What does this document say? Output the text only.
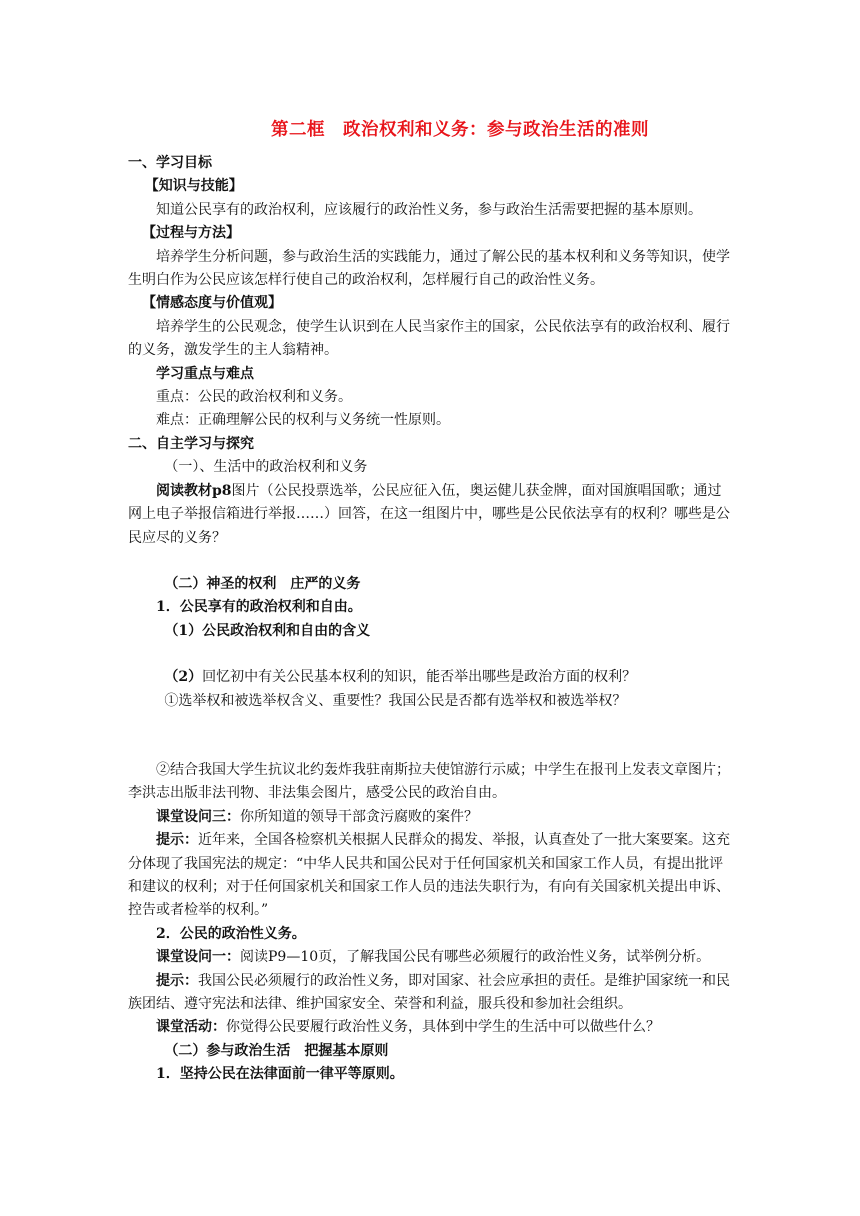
第二框　政治权利和义务：参与政治生活的准则

一、学习目标

【知识与技能】

知道公民享有的政治权利，应该履行的政治性义务，参与政治生活需要把握的基本原则。

【过程与方法】

培养学生分析问题，参与政治生活的实践能力，通过了解公民的基本权利和义务等知识，使学生明白作为公民应该怎样行使自己的政治权利，怎样履行自己的政治性义务。

【情感态度与价值观】

培养学生的公民观念，使学生认识到在人民当家作主的国家，公民依法享有的政治权利、履行的义务，激发学生的主人翁精神。

学习重点与难点

重点：公民的政治权利和义务。

难点：正确理解公民的权利与义务统一性原则。

二、自主学习与探究

（一）、生活中的政治权利和义务

阅读教材p8图片（公民投票选举，公民应征入伍，奥运健儿获金牌，面对国旗唱国歌；通过网上电子举报信箱进行举报……）回答，在这一组图片中，哪些是公民依法享有的权利？哪些是公民应尽的义务？

（二）神圣的权利　庄严的义务

1．公民享有的政治权利和自由。

（1）公民政治权利和自由的含义

（2）回忆初中有关公民基本权利的知识，能否举出哪些是政治方面的权利？

①选举权和被选举权含义、重要性？我国公民是否都有选举权和被选举权？

②结合我国大学生抗议北约轰炸我驻南斯拉夫使馆游行示威；中学生在报刊上发表文章图片；李洪志出版非法刊物、非法集会图片，感受公民的政治自由。

课堂设问三：你所知道的领导干部贪污腐败的案件？

提示：近年来，全国各检察机关根据人民群众的揭发、举报，认真查处了一批大案要案。这充分体现了我国宪法的规定：“中华人民共和国公民对于任何国家机关和国家工作人员，有提出批评和建议的权利；对于任何国家机关和国家工作人员的违法失职行为，有向有关国家机关提出申诉、控告或者检举的权利。”

2．公民的政治性义务。

课堂设问一：阅读P9—10页，了解我国公民有哪些必须履行的政治性义务，试举例分析。

提示：我国公民必须履行的政治性义务，即对国家、社会应承担的责任。是维护国家统一和民族团结、遵守宪法和法律、维护国家安全、荣誉和利益，服兵役和参加社会组织。

课堂活动：你觉得公民要履行政治性义务，具体到中学生的生活中可以做些什么？

（二）参与政治生活　把握基本原则

1．坚持公民在法律面前一律平等原则。
